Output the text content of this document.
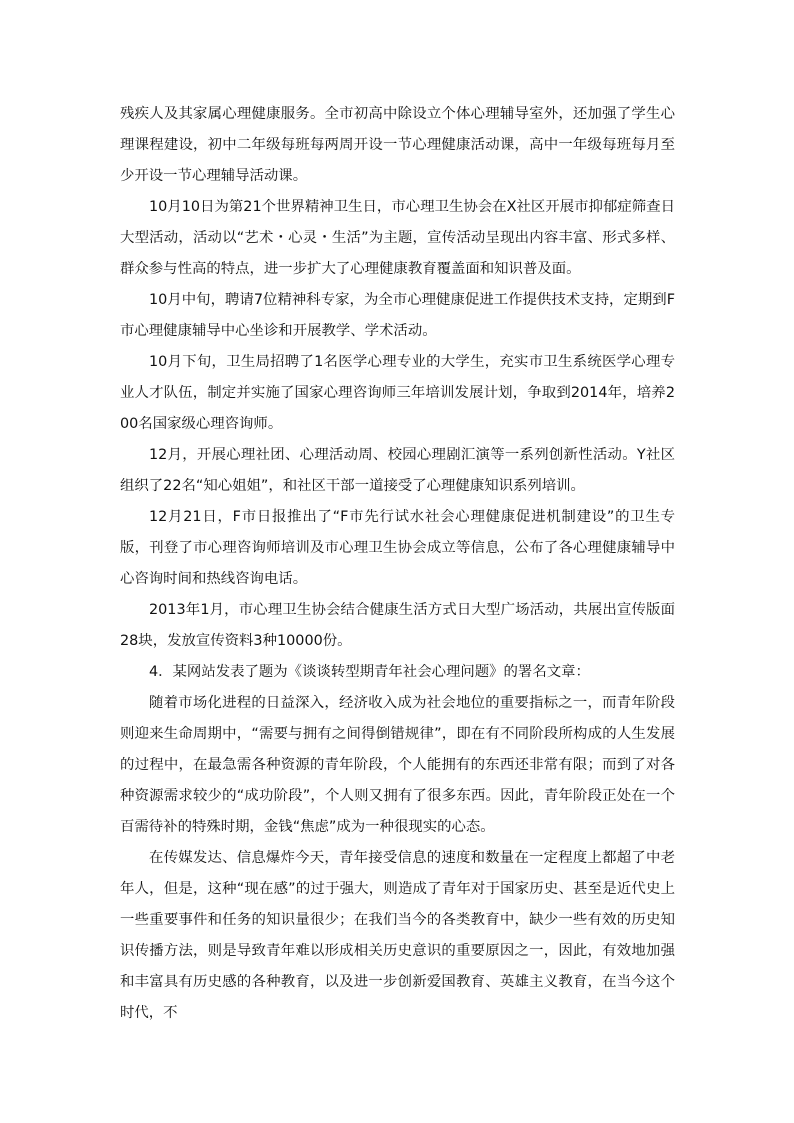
残疾人及其家属心理健康服务。全市初高中除设立个体心理辅导室外，还加强了学生心理课程建设，初中二年级每班每两周开设一节心理健康活动课，高中一年级每班每月至少开设一节心理辅导活动课。

10月10日为第21个世界精神卫生日，市心理卫生协会在X社区开展市抑郁症筛查日大型活动，活动以“艺术・心灵・生活”为主题，宣传活动呈现出内容丰富、形式多样、群众参与性高的特点，进一步扩大了心理健康教育覆盖面和知识普及面。

10月中旬，聘请7位精神科专家，为全市心理健康促进工作提供技术支持，定期到F市心理健康辅导中心坐诊和开展教学、学术活动。

10月下旬，卫生局招聘了1名医学心理专业的大学生，充实市卫生系统医学心理专业人才队伍，制定并实施了国家心理咨询师三年培训发展计划，争取到2014年，培养200名国家级心理咨询师。

12月，开展心理社团、心理活动周、校园心理剧汇演等一系列创新性活动。Y社区组织了22名“知心姐姐”，和社区干部一道接受了心理健康知识系列培训。

12月21日，F市日报推出了“F市先行试水社会心理健康促进机制建设”的卫生专版，刊登了市心理咨询师培训及市心理卫生协会成立等信息，公布了各心理健康辅导中心咨询时间和热线咨询电话。

2013年1月，市心理卫生协会结合健康生活方式日大型广场活动，共展出宣传版面28块，发放宣传资料3种10000份。

4．某网站发表了题为《谈谈转型期青年社会心理问题》的署名文章：

随着市场化进程的日益深入，经济收入成为社会地位的重要指标之一，而青年阶段则迎来生命周期中，“需要与拥有之间得倒错规律”，即在有不同阶段所构成的人生发展的过程中，在最急需各种资源的青年阶段，个人能拥有的东西还非常有限；而到了对各种资源需求较少的“成功阶段”，个人则又拥有了很多东西。因此，青年阶段正处在一个百需待补的特殊时期，金钱“焦虑”成为一种很现实的心态。

在传媒发达、信息爆炸今天，青年接受信息的速度和数量在一定程度上都超了中老年人，但是，这种“现在感”的过于强大，则造成了青年对于国家历史、甚至是近代史上一些重要事件和任务的知识量很少；在我们当今的各类教育中，缺少一些有效的历史知识传播方法，则是导致青年难以形成相关历史意识的重要原因之一，因此，有效地加强和丰富具有历史感的各种教育，以及进一步创新爱国教育、英雄主义教育，在当今这个时代，不
